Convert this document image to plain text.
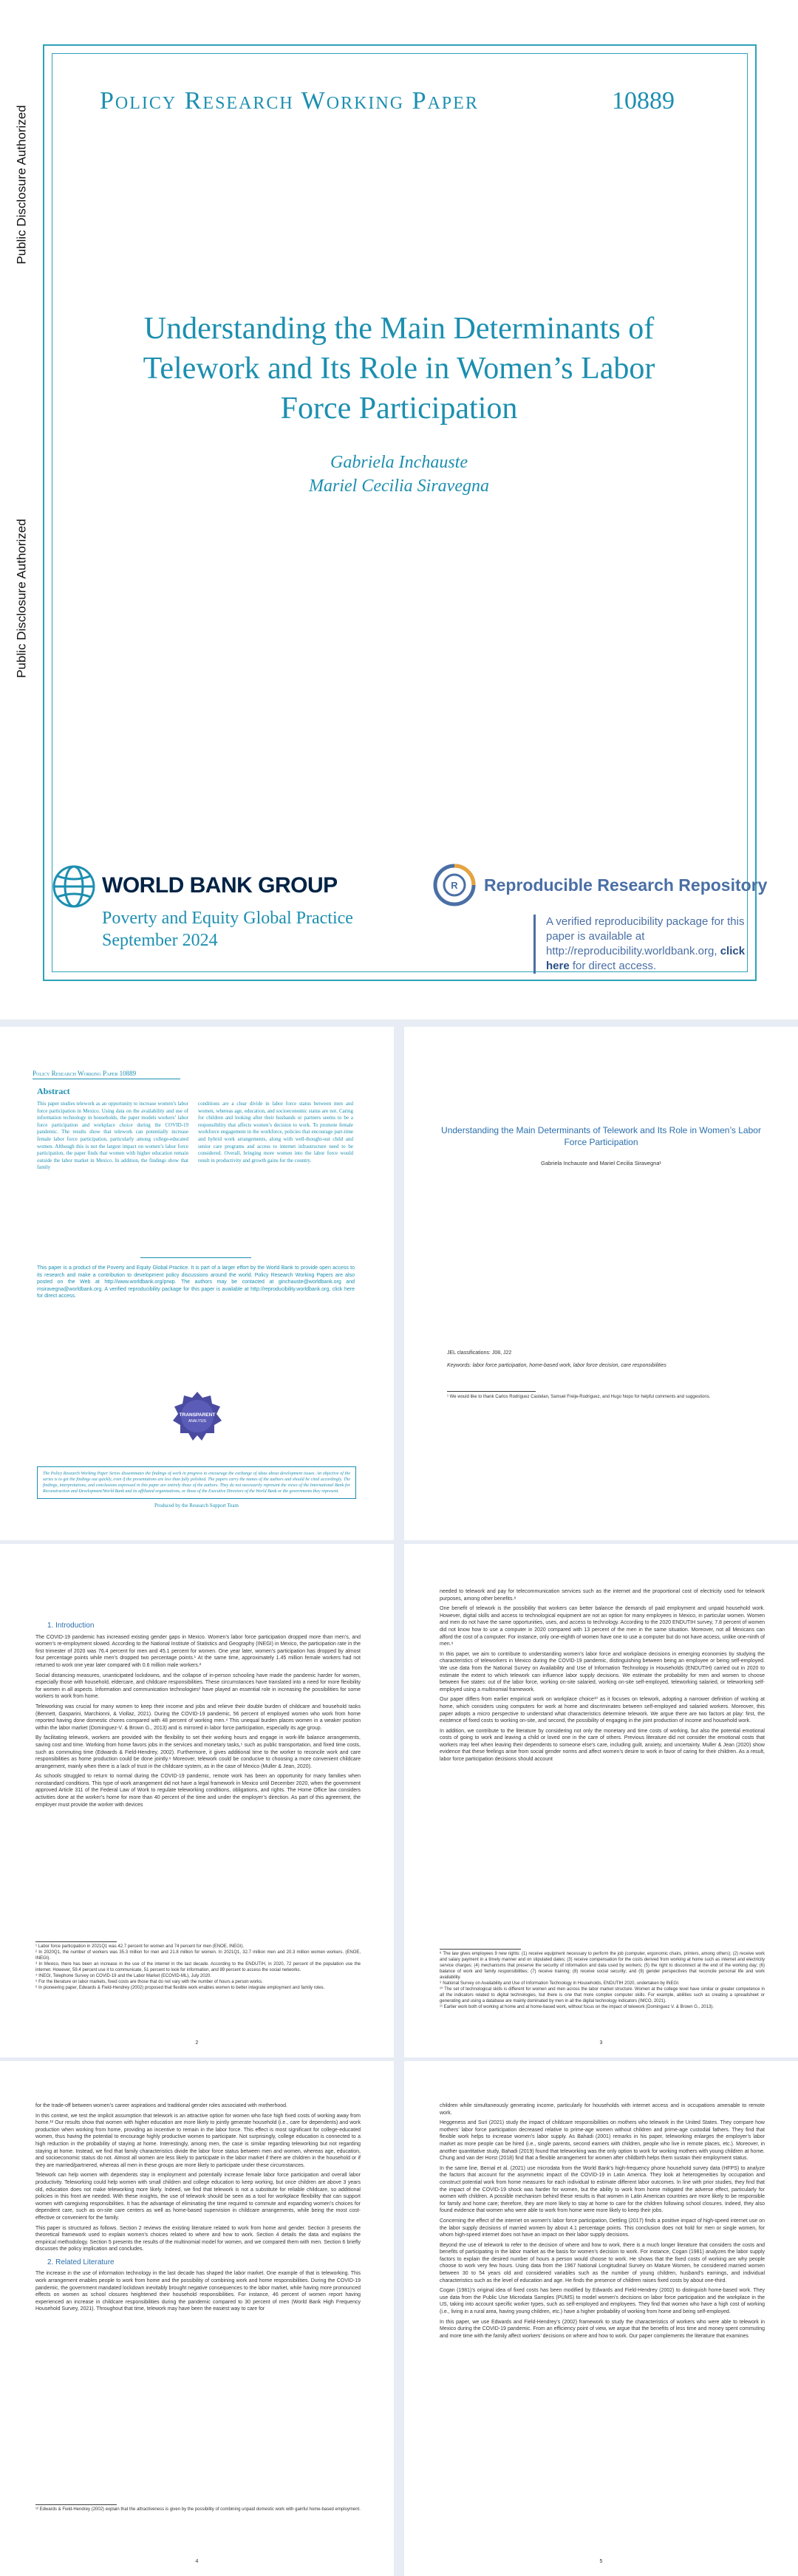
Public Disclosure Authorized
Public Disclosure Authorized
Policy Research Working Paper	10889
Understanding the Main Determinants of Telework and Its Role in Women’s Labor Force Participation
Gabriela Inchauste
Mariel Cecilia Siravegna
WORLD BANK GROUP
Poverty and Equity Global Practice
September 2024
R Reproducible Research Repository
A verified reproducibility package for this paper is available at http://reproducibility.worldbank.org, click here for direct access.
Policy Research Working Paper 10889
Abstract
This paper studies telework as an opportunity to increase women’s labor force participation in Mexico. Using data on the availability and use of information technology in households, the paper models workers’ labor force participation and workplace choice during the COVID-19 pandemic. The results show that telework can potentially increase female labor force participation, particularly among college-educated women. Although this is not the largest impact on women’s labor force participation, the paper finds that women with higher education remain outside the labor market in Mexico. In addition, the findings show that family
conditions are a clear divide in labor force status between men and women, whereas age, education, and socioeconomic status are not. Caring for children and looking after their husbands or partners seems to be a responsibility that affects women’s decision to work. To promote female workforce engagement in the workforce, policies that encourage part-time and hybrid work arrangements, along with well-thought-out child and senior care programs and access to internet infrastructure need to be considered. Overall, bringing more women into the labor force would result in productivity and growth gains for the country.
This paper is a product of the Poverty and Equity Global Practice. It is part of a larger effort by the World Bank to provide open access to its research and make a contribution to development policy discussions around the world. Policy Research Working Papers are also posted on the Web at http://www.worldbank.org/prwp. The authors may be contacted at ginchauste@worldbank.org and msiravegna@worldbank.org. A verified reproducibility package for this paper is available at http://reproducibility.worldbank.org, click here for direct access.
TRANSPARENT
ANALYSIS
The Policy Research Working Paper Series disseminates the findings of work in progress to encourage the exchange of ideas about development issues. An objective of the series is to get the findings out quickly, even if the presentations are less than fully polished. The papers carry the names of the authors and should be cited accordingly. The findings, interpretations, and conclusions expressed in this paper are entirely those of the authors. They do not necessarily represent the views of the International Bank for Reconstruction and Development/World Bank and its affiliated organizations, or those of the Executive Directors of the World Bank or the governments they represent.
Produced by the Research Support Team
Understanding the Main Determinants of Telework and Its Role in Women’s Labor Force Participation
Gabriela Inchauste and Mariel Cecilia Siravegna¹
JEL classifications: J08, J22
Keywords: labor force participation, home-based work, labor force decision, care responsibilities
¹ We would like to thank Carlos Rodriguez Castelan, Samuel Freije-Rodriguez, and Hugo Nopo for helpful comments and suggestions.
1. Introduction

The COVID-19 pandemic has increased existing gender gaps in Mexico. Women’s labor force participation dropped more than men’s, and women’s re-employment slowed. According to the National Institute of Statistics and Geography (INEGI) in Mexico, the participation rate in the first trimester of 2020 was 76.4 percent for men and 45.1 percent for women. One year later, women’s participation has dropped by almost four percentage points while men’s dropped two percentage points.¹ At the same time, approximately 1.45 million female workers had not returned to work one year later compared with 0.6 million male workers.²

Social distancing measures, unanticipated lockdowns, and the collapse of in-person schooling have made the pandemic harder for women, especially those with household, eldercare, and childcare responsibilities. These circumstances have translated into a need for more flexibility for women in all aspects. Information and communication technologies³ have played an essential role in increasing the possibilities for some workers to work from home.

Teleworking was crucial for many women to keep their income and jobs and relieve their double burden of childcare and household tasks (Bennett, Gasparini, Marchionni, & Viollaz, 2021). During the COVID-19 pandemic, 56 percent of employed women who work from home reported having done domestic chores compared with 48 percent of working men.⁴ This unequal burden places women in a weaker position within the labor market (Dominguez-V. & Brown G., 2013) and is mirrored in labor force participation, especially its age group.

By facilitating telework, workers are provided with the flexibility to set their working hours and engage in work-life balance arrangements, saving cost and time. Working from home favors jobs in the services and monetary tasks,⁵ such as public transportation, and fixed time costs, such as commuting time (Edwards & Field-Hendrey, 2002). Furthermore, it gives additional time to the worker to reconcile work and care responsibilities as home production could be done jointly.⁶ Moreover, telework could be conducive to choosing a more convenient childcare arrangement, mainly when there is a lack of trust in the childcare system, as in the case of Mexico (Muller & Jean, 2020).

As schools struggled to return to normal during the COVID-19 pandemic, remote work has been an opportunity for many families when nonstandard conditions. This type of work arrangement did not have a legal framework in Mexico until December 2020, when the government approved Article 311 of the Federal Law of Work to regulate teleworking conditions, obligations, and rights. The Home Office law considers activities done at the worker’s home for more than 40 percent of the time and under the employer’s direction. As part of this agreement, the employer must provide the worker with devices

¹ Labor force participation in 2021Q1 was 42.7 percent for women and 74 percent for men (ENOE, INEGI).
² In 2020Q1, the number of workers was 35.3 million for men and 21.8 million for women. In 2021Q1, 32.7 million men and 20.3 million women workers. (ENOE, INEGI).
³ In Mexico, there has been an increase in the use of the internet in the last decade. According to the ENDUTIH, in 2020, 72 percent of the population use the internet. However, 59.4 percent use it to communicate, 51 percent to look for information, and 89 percent to access the social networks.
⁴ INEGI, Telephone Survey on COVID-19 and the Labor Market (ECOVID-ML), July 2020.
⁵ For the literature on labor markets, fixed costs are those that do not vary with the number of hours a person works.
⁶ In pioneering paper, Edwards & Field-Hendrey (2002) proposed that flexible work enables women to better integrate employment and family roles.
2

needed to telework and pay for telecommunication services such as the internet and the proportional cost of electricity used for telework purposes, among other benefits.⁸

One benefit of telework is the possibility that workers can better balance the demands of paid employment and unpaid household work. However, digital skills and access to technological equipment are not an option for many employees in Mexico, in particular women. Women and men do not have the same opportunities, uses, and access to technology. According to the 2020 ENDUTIH survey, 7.8 percent of women did not know how to use a computer in 2020 compared with 13 percent of the men in the same situation. Moreover, not all Mexicans can afford the cost of a computer. For instance, only one-eighth of women have one to use a computer but do not have access, unlike one-ninth of men.⁹

In this paper, we aim to contribute to understanding women’s labor force and workplace decisions in emerging economies by studying the characteristics of teleworkers in Mexico during the COVID-19 pandemic, distinguishing between being an employee or being self-employed. We use data from the National Survey on Availability and Use of Information Technology in Households (ENDUTIH) carried out in 2020 to estimate the extent to which telework can influence labor supply decisions. We estimate the probability for men and women to choose between five states: out of the labor force, working on-site salaried, working on-site self-employed, teleworking salaried, or teleworking self-employed using a multinomial framework.

Our paper differs from earlier empirical work on workplace choice¹⁰ as it focuses on telework, adopting a narrower definition of working at home, which considers using computers for work at home and discriminates between self-employed and salaried workers. Moreover, this paper adopts a micro perspective to understand what characteristics determine telework. We argue there are two factors at play: first, the existence of fixed costs to working on-site, and second, the possibility of engaging in the joint production of income and household work.

In addition, we contribute to the literature by considering not only the monetary and time costs of working, but also the potential emotional costs of going to work and leaving a child or loved one in the care of others. Previous literature did not consider the emotional costs that workers may feel when leaving their dependents to someone else’s care, including guilt, anxiety, and uncertainty. Muller & Jean (2020) show evidence that these feelings arise from social gender norms and affect women’s desire to work in favor of caring for their children. As a result, labor force participation decisions should account

⁸ The law gives employees 9 new rights: (1) receive equipment necessary to perform the job (computer, ergonomic chairs, printers, among others); (2) receive work and salary payment in a timely manner and on stipulated dates; (3) receive compensation for the costs derived from working at home such as internet and electricity service charges; (4) mechanisms that preserve the security of information and data used by workers; (5) the right to disconnect at the end of the working day; (6) balance of work and family responsibilities; (7) receive training; (8) receive social security; and (9) gender perspectives that reconcile personal life and work availability.
⁹ National Survey on Availability and Use of Information Technology in Households, ENDUTIH 2020, undertaken by INEGI.
¹⁰ The set of technological skills is different for women and men across the labor market structure. Women at the college level have similar or greater competence in all the indicators related to digital technologies, but there is one that more complex computer skills. For example, abilities such as creating a spreadsheet or generating and using a database are mainly dominated by men in all the digital technology indicators (IMCO, 2021).
¹¹ Earlier work both of working at home and at home-based work, without focus on the impact of telework (Dominguez V. & Brown G., 2013).
3

for the trade-off between women’s career aspirations and traditional gender roles associated with motherhood.

In this context, we test the implicit assumption that telework is an attractive option for women who face high fixed costs of working away from home.¹² Our results show that women with higher education are more likely to jointly generate household (i.e., care for dependents) and work production when working from home, providing an incentive to remain in the labor force. This effect is most significant for college-educated women, thus having the potential to encourage highly productive women to participate. Not surprisingly, college education is connected to a high reduction in the probability of staying at home. Interestingly, among men, the case is similar regarding teleworking but not regarding staying at home. Instead, we find that family characteristics divide the labor force status between men and women, whereas age, education, and socioeconomic status do not. Almost all women are less likely to participate in the labor market if there are children in the household or if they are married/partnered, whereas all men in these groups are more likely to participate under these circumstances.

Telework can help women with dependents stay in employment and potentially increase female labor force participation and overall labor productivity. Teleworking could help women with small children and college education to keep working, but once children are above 3 years old, education does not make teleworking more likely. Indeed, we find that telework is not a substitute for reliable childcare, so additional policies in this front are needed. With these insights, the use of telework should be seen as a tool for workplace flexibility that can support women with caregiving responsibilities. It has the advantage of eliminating the time required to commute and expanding women’s choices for dependent care, such as on-site care centers as well as home-based supervision in childcare arrangements, while being the most cost-effective or convenient for the family.

This paper is structured as follows. Section 2 reviews the existing literature related to work from home and gender. Section 3 presents the theoretical framework used to explain women’s choices related to where and how to work. Section 4 details the data and explains the empirical methodology. Section 5 presents the results of the multinomial model for women, and we compared them with men. Section 6 briefly discusses the policy implication and concludes.

2. Related Literature

The increase in the use of information technology in the last decade has shaped the labor market. One example of that is teleworking. This work arrangement enables people to work from home and the possibility of combining work and home responsibilities. During the COVID-19 pandemic, the government mandated lockdown inevitably brought negative consequences to the labor market, while having more pronounced effects on women as school closures heightened their household responsibilities. For instance, 46 percent of women report having experienced an increase in childcare responsibilities during the pandemic compared to 30 percent of men (World Bank High Frequency Household Survey, 2021). Throughout that time, telework may have been the easiest way to care for

¹² Edwards & Field-Hendrey (2002) explain that the attractiveness is given by the possibility of combining unpaid domestic work with gainful home-based employment.
4

children while simultaneously generating income, particularly for households with internet access and in occupations amenable to remote work.

Heggeness and Suri (2021) study the impact of childcare responsibilities on mothers who telework in the United States. They compare how mothers’ labor force participation decreased relative to prime-age women without children and prime-age custodial fathers. They find that flexible work helps to increase women’s labor supply. As Bahadi (2001) remarks in his paper, teleworking enlarges the employer’s labor market as more people can be hired (i.e., single parents, second earners with children, people who live in remote places, etc.). Moreover, in another quantitative study, Bahadi (2019) found that teleworking was the only option to work for working mothers with young children at home. Chung and van der Horst (2018) find that a flexible arrangement for women after childbirth helps them sustain their employment status.

In the same line, Bernal et al. (2021) use microdata from the World Bank’s high-frequency phone household survey data (HFPS) to analyze the factors that account for the asymmetric impact of the COVID-19 in Latin America. They look at heterogeneities by occupation and construct potential work from home measures for each individual to estimate different labor outcomes. In line with prior studies, they find that the impact of the COVID-19 shock was harder for women, but the ability to work from home mitigated the adverse effect, particularly for women with children. A possible mechanism behind these results is that women in Latin American countries are more likely to be responsible for family and home care; therefore, they are more likely to stay at home to care for the children following school closures. Indeed, they also found evidence that women who were able to work from home were more likely to keep their jobs.

Concerning the effect of the internet on women’s labor force participation, Dettling (2017) finds a positive impact of high-speed internet use on the labor supply decisions of married women by about 4.1 percentage points. This conclusion does not hold for men or single women, for whom high-speed internet does not have an impact on their labor supply decisions.

Beyond the use of telework to refer to the decision of where and how to work, there is a much longer literature that considers the costs and benefits of participating in the labor market as the basis for women’s decision to work. For instance, Cogan (1981) analyzes the labor supply factors to explain the desired number of hours a person would choose to work. He shows that the fixed costs of working are why people choose to work very few hours. Using data from the 1967 National Longitudinal Survey on Mature Women, he considered married women between 30 to 54 years old and considered variables such as the number of young children, husband’s earnings, and individual characteristics such as the level of education and age. He finds the presence of children raises fixed costs by about one-third.

Cogan (1981)’s original idea of fixed costs has been modified by Edwards and Field-Hendrey (2002) to distinguish home-based work. They use data from the Public Use Microdata Samples (PUMS) to model women’s decisions on labor force participation and the workplace in the US, taking into account specific worker types, such as self-employed and employees. They find that women who have a high cost of working (i.e., living in a rural area, having young children, etc.) have a higher probability of working from home and being self-employed.

In this paper, we use Edwards and Field-Hendrey’s (2002) framework to study the characteristics of workers who were able to telework in Mexico during the COVID-19 pandemic. From an efficiency point of view, we argue that the benefits of less time and money spent commuting and more time with the family affect workers’ decisions on where and how to work. Our paper complements the literature that examines

5
